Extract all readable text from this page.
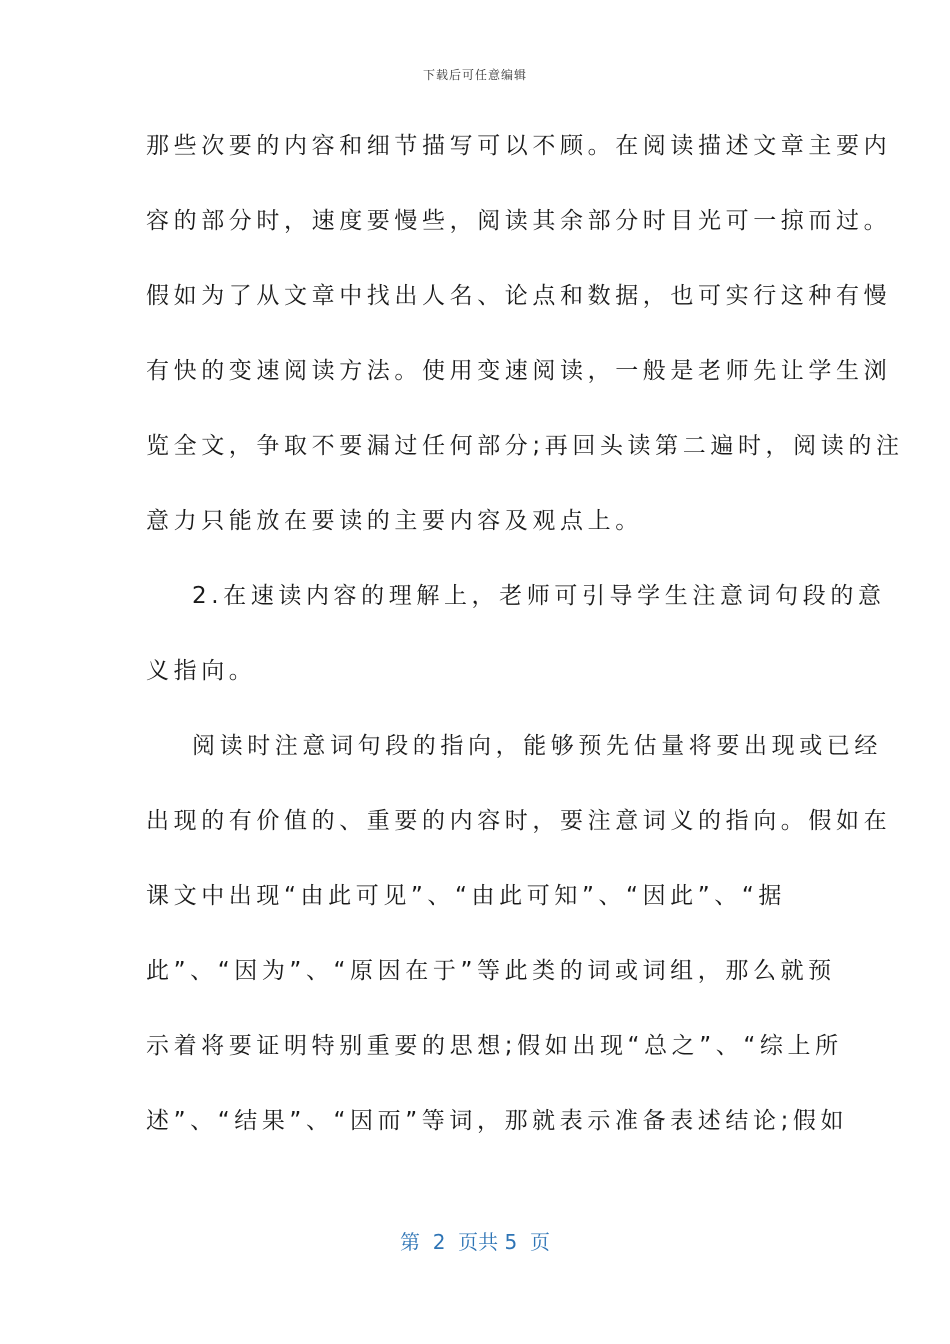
下载后可任意编辑
那些次要的内容和细节描写可以不顾。在阅读描述文章主要内
容的部分时，速度要慢些，阅读其余部分时目光可一掠而过。
假如为了从文章中找出人名、论点和数据，也可实行这种有慢
有快的变速阅读方法。使用变速阅读，一般是老师先让学生浏
览全文，争取不要漏过任何部分;再回头读第二遍时，阅读的注
意力只能放在要读的主要内容及观点上。
2.在速读内容的理解上，老师可引导学生注意词句段的意
义指向。
阅读时注意词句段的指向，能够预先估量将要出现或已经
出现的有价值的、重要的内容时，要注意词义的指向。假如在
课文中出现“由此可见”、“由此可知”、“因此”、“据
此”、“因为”、“原因在于”等此类的词或词组，那么就预
示着将要证明特别重要的思想;假如出现“总之”、“综上所
述”、“结果”、“因而”等词，那就表示准备表述结论;假如
第  2  页共 5  页
